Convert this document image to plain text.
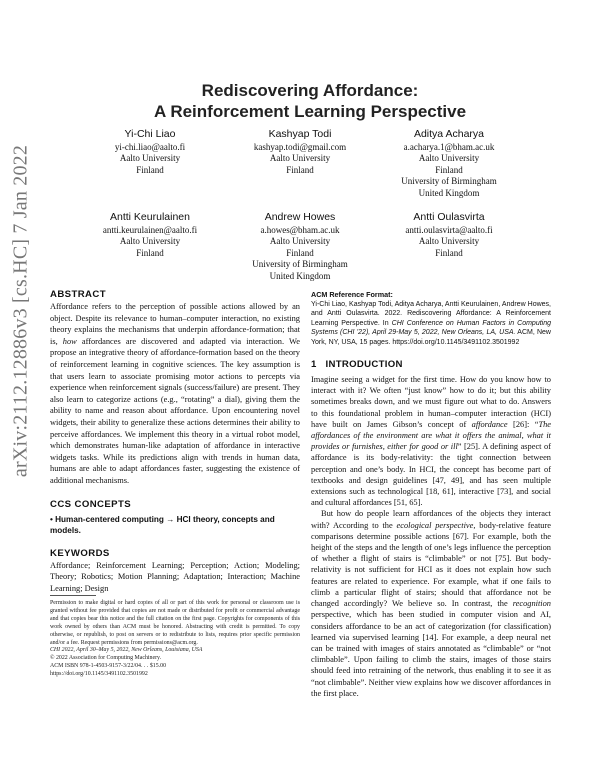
arXiv:2112.12886v3 [cs.HC] 7 Jan 2022
Rediscovering Affordance:
A Reinforcement Learning Perspective
Yi-Chi Liao
yi-chi.liao@aalto.fi
Aalto University
Finland
Kashyap Todi
kashyap.todi@gmail.com
Aalto University
Finland
Aditya Acharya
a.acharya.1@bham.ac.uk
Aalto University
Finland
University of Birmingham
United Kingdom
Antti Keurulainen
antti.keurulainen@aalto.fi
Aalto University
Finland
Andrew Howes
a.howes@bham.ac.uk
Aalto University
Finland
University of Birmingham
United Kingdom
Antti Oulasvirta
antti.oulasvirta@aalto.fi
Aalto University
Finland
ABSTRACT

Affordance refers to the perception of possible actions allowed by an object. Despite its relevance to human–computer interaction, no existing theory explains the mechanisms that underpin affordance-formation; that is, how affordances are discovered and adapted via interaction. We propose an integrative theory of affordance-formation based on the theory of reinforcement learning in cognitive sciences. The key assumption is that users learn to associate promising motor actions to percepts via experience when reinforcement signals (success/failure) are present. They also learn to categorize actions (e.g., “rotating” a dial), giving them the ability to name and reason about affordance. Upon encountering novel widgets, their ability to generalize these actions determines their ability to perceive affordances. We implement this theory in a virtual robot model, which demonstrates human-like adaptation of affordance in interactive widgets tasks. While its predictions align with trends in human data, humans are able to adapt affordances faster, suggesting the existence of additional mechanisms.

CCS CONCEPTS

• Human-centered computing → HCI theory, concepts and models.

KEYWORDS

Affordance; Reinforcement Learning; Perception; Action; Modeling; Theory; Robotics; Motion Planning; Adaptation; Interaction; Machine Learning; Design

Permission to make digital or hard copies of all or part of this work for personal or classroom use is granted without fee provided that copies are not made or distributed for profit or commercial advantage and that copies bear this notice and the full citation on the first page. Copyrights for components of this work owned by others than ACM must be honored. Abstracting with credit is permitted. To copy otherwise, or republish, to post on servers or to redistribute to lists, requires prior specific permission and/or a fee. Request permissions from permissions@acm.org.
CHI 2022, April 30–May 5, 2022, New Orleans, Louisiana, USA
© 2022 Association for Computing Machinery.
ACM ISBN 978-1-4503-9157-3/22/04. . . $15.00
https://doi.org/10.1145/3491102.3501992
ACM Reference Format:

Yi-Chi Liao, Kashyap Todi, Aditya Acharya, Antti Keurulainen, Andrew Howes, and Antti Oulasvirta. 2022. Rediscovering Affordance: A Reinforcement Learning Perspective. In CHI Conference on Human Factors in Computing Systems (CHI ’22), April 29-May 5, 2022, New Orleans, LA, USA. ACM, New York, NY, USA, 15 pages. https://doi.org/10.1145/3491102.3501992

1 INTRODUCTION

Imagine seeing a widget for the first time. How do you know how to interact with it? We often “just know” how to do it; but this ability sometimes breaks down, and we must figure out what to do. Answers to this foundational problem in human–computer interaction (HCI) have built on James Gibson’s concept of affordance [26]: “The affordances of the environment are what it offers the animal, what it provides or furnishes, either for good or ill” [25]. A defining aspect of affordance is its body-relativity: the tight connection between perception and one’s body. In HCI, the concept has become part of textbooks and design guidelines [47, 49], and has seen multiple extensions such as technological [18, 61], interactive [73], and social and cultural affordances [51, 65].

But how do people learn affordances of the objects they interact with? According to the ecological perspective, body-relative feature comparisons determine possible actions [67]. For example, both the height of the steps and the length of one’s legs influence the perception of whether a flight of stairs is “climbable” or not [75]. But body-relativity is not sufficient for HCI as it does not explain how such features are related to experience. For example, what if one fails to climb a particular flight of stairs; should that affordance not be changed accordingly? We believe so. In contrast, the recognition perspective, which has been studied in computer vision and AI, considers affordance to be an act of categorization (for classification) learned via supervised learning [14]. For example, a deep neural net can be trained with images of stairs annotated as “climbable” or “not climbable”. Upon failing to climb the stairs, images of those stairs should feed into retraining of the network, thus enabling it to see it as “not climbable”. Neither view explains how we discover affordances in the first place.
